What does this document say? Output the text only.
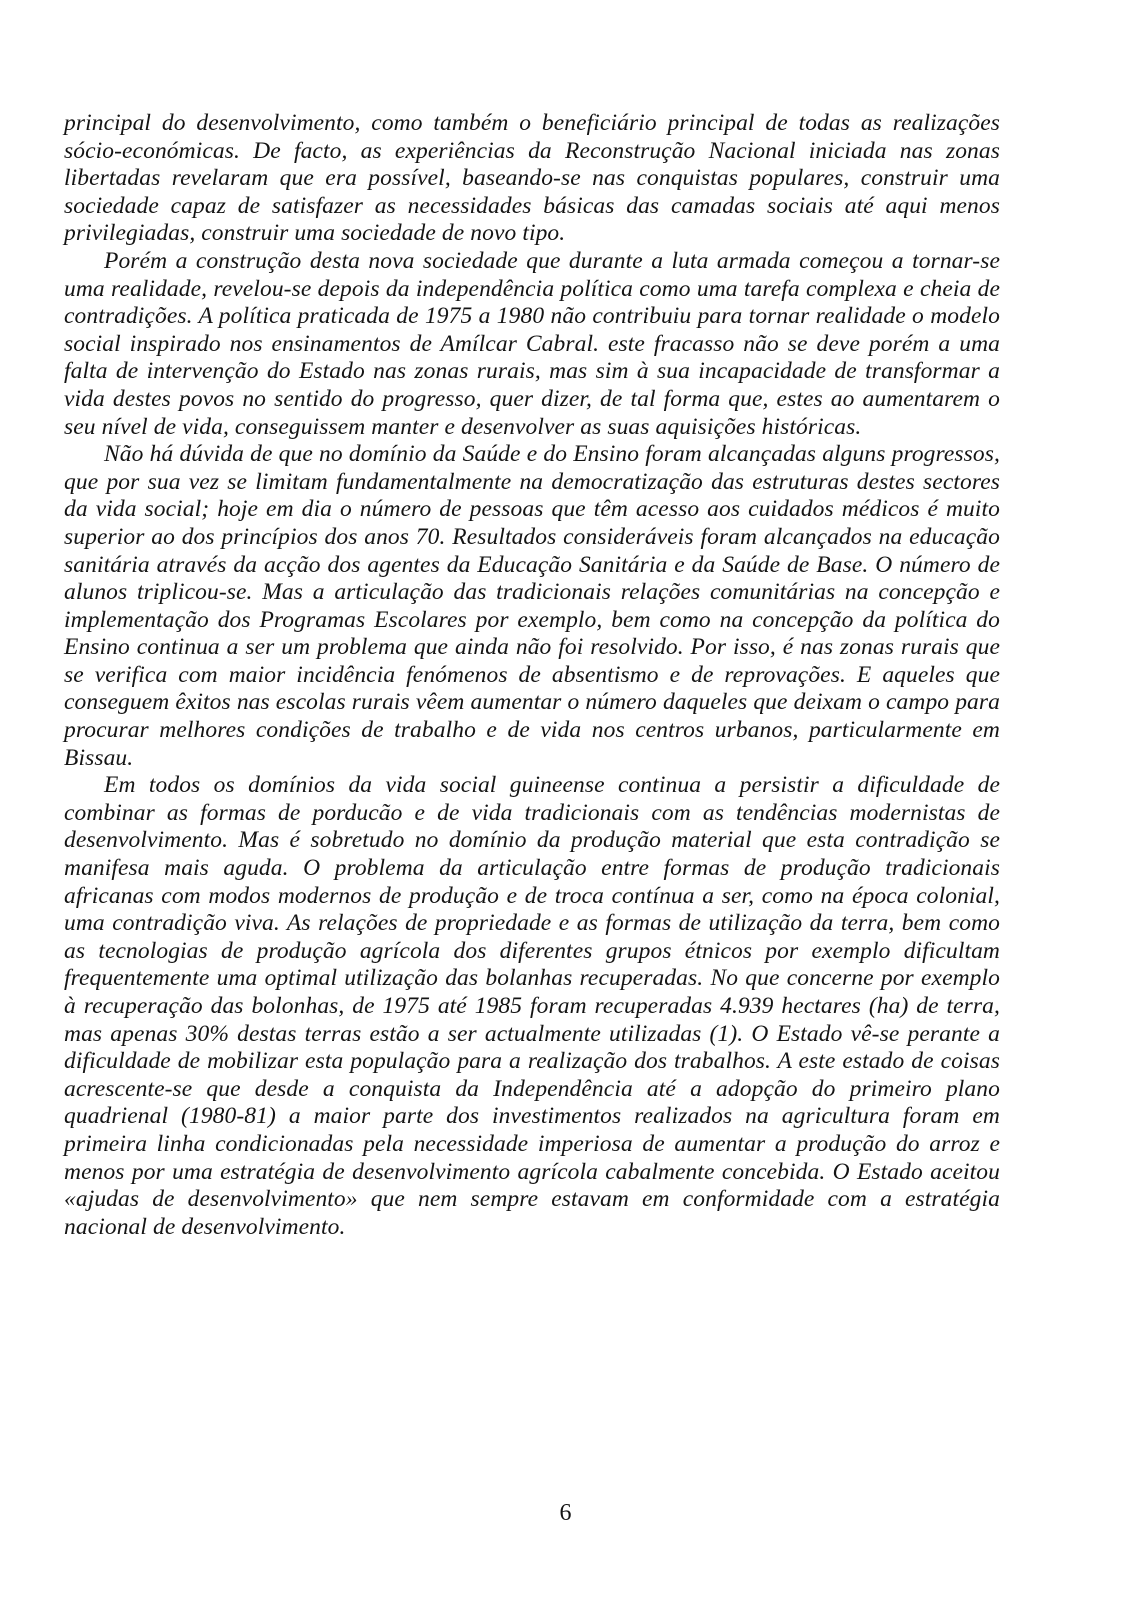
principal do desenvolvimento, como também o beneficiário principal de todas as realizações sócio-económicas. De facto, as experiências da Reconstrução Nacional iniciada nas zonas libertadas revelaram que era possível, baseando-se nas conquistas populares, construir uma sociedade capaz de satisfazer as necessidades básicas das camadas sociais até aqui menos privilegiadas, construir uma sociedade de novo tipo.

Porém a construção desta nova sociedade que durante a luta armada começou a tornar-se uma realidade, revelou-se depois da independência política como uma tarefa complexa e cheia de contradições. A política praticada de 1975 a 1980 não contribuiu para tornar realidade o modelo social inspirado nos ensinamentos de Amílcar Cabral. este fracasso não se deve porém a uma falta de intervenção do Estado nas zonas rurais, mas sim à sua incapacidade de transformar a vida destes povos no sentido do progresso, quer dizer, de tal forma que, estes ao aumentarem o seu nível de vida, conseguissem manter e desenvolver as suas aquisições históricas.

Não há dúvida de que no domínio da Saúde e do Ensino foram alcançadas alguns progressos, que por sua vez se limitam fundamentalmente na democratização das estruturas destes sectores da vida social; hoje em dia o número de pessoas que têm acesso aos cuidados médicos é muito superior ao dos princípios dos anos 70. Resultados consideráveis foram alcançados na educação sanitária através da acção dos agentes da Educação Sanitária e da Saúde de Base. O número de alunos triplicou-se. Mas a articulação das tradicionais relações comunitárias na concepção e implementação dos Programas Escolares por exemplo, bem como na concepção da política do Ensino continua a ser um problema que ainda não foi resolvido. Por isso, é nas zonas rurais que se verifica com maior incidência fenómenos de absentismo e de reprovações. E aqueles que conseguem êxitos nas escolas rurais vêem aumentar o número daqueles que deixam o campo para procurar melhores condições de trabalho e de vida nos centros urbanos, particularmente em Bissau.

Em todos os domínios da vida social guineense continua a persistir a dificuldade de combinar as formas de porducão e de vida tradicionais com as tendências modernistas de desenvolvimento. Mas é sobretudo no domínio da produção material que esta contradição se manifesa mais aguda. O problema da articulação entre formas de produção tradicionais africanas com modos modernos de produção e de troca contínua a ser, como na época colonial, uma contradição viva. As relações de propriedade e as formas de utilização da terra, bem como as tecnologias de produção agrícola dos diferentes grupos étnicos por exemplo dificultam frequentemente uma optimal utilização das bolanhas recuperadas. No que concerne por exemplo à recuperação das bolonhas, de 1975 até 1985 foram recuperadas 4.939 hectares (ha) de terra, mas apenas 30% destas terras estão a ser actualmente utilizadas (1). O Estado vê-se perante a dificuldade de mobilizar esta população para a realização dos trabalhos. A este estado de coisas acrescente-se que desde a conquista da Independência até a adopção do primeiro plano quadrienal (1980-81) a maior parte dos investimentos realizados na agricultura foram em primeira linha condicionadas pela necessidade imperiosa de aumentar a produção do arroz e menos por uma estratégia de desenvolvimento agrícola cabalmente concebida. O Estado aceitou «ajudas de desenvolvimento» que nem sempre estavam em conformidade com a estratégia nacional de desenvolvimento.

6
